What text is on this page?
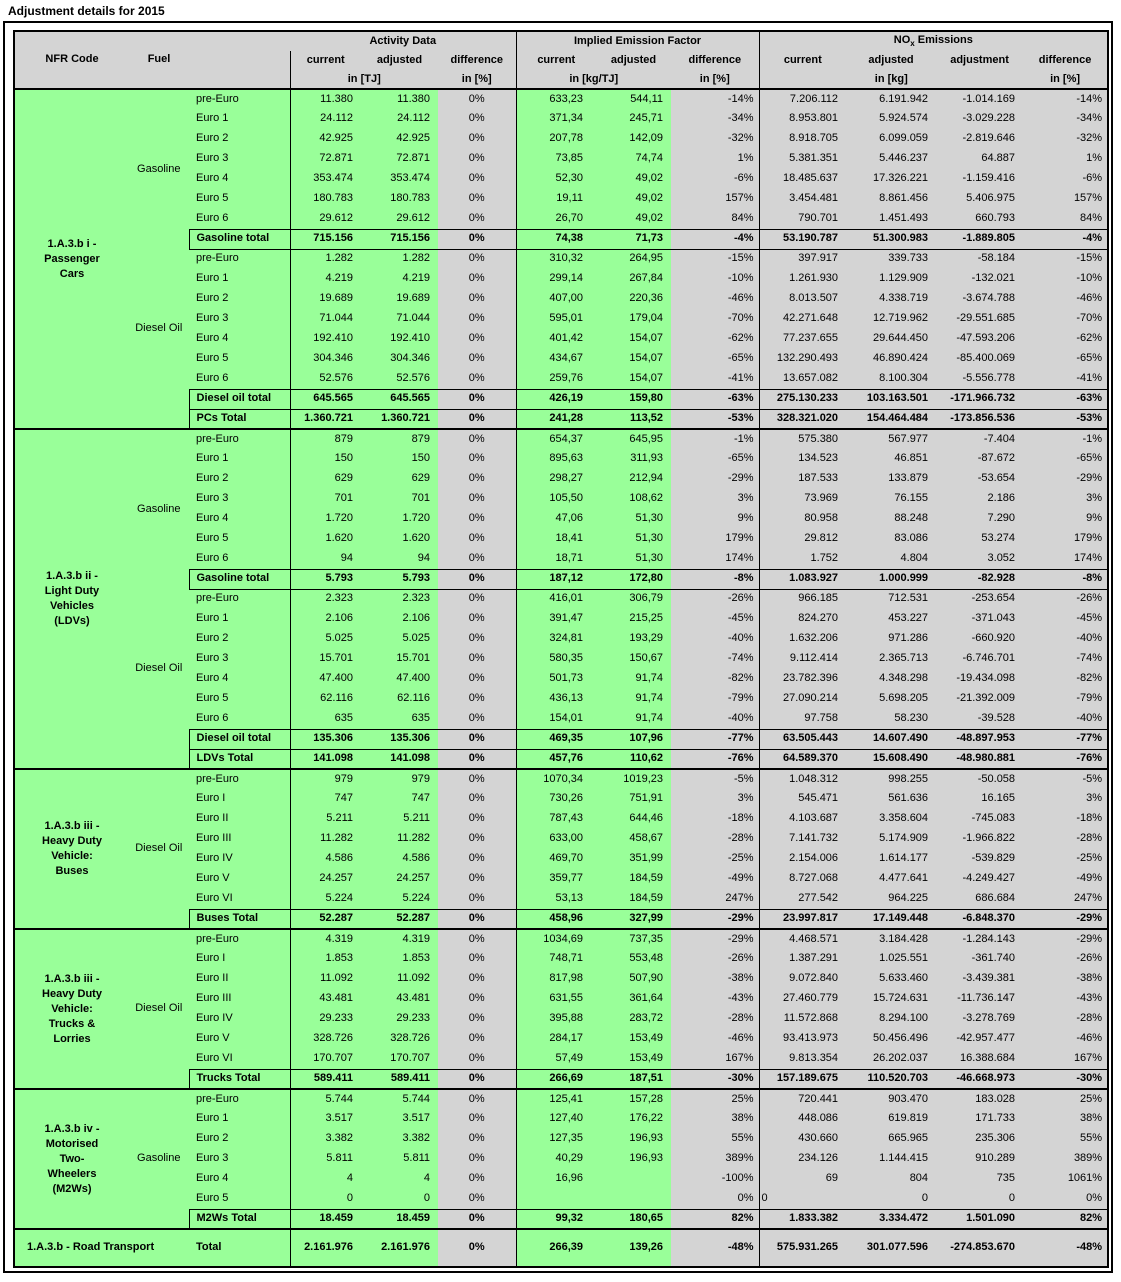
Adjustment details for 2015
NFR Code	Fuel		Activity Data			Implied Emission Factor			$NO_x$ Emissions			
			current	adjusted	difference	current	adjusted	difference	current	adjusted	adjustment	difference
			in [TJ]		in [%]	in [kg/TJ]		in [%]	in [kg]			in [%]

1.A.3.b i -
Passenger
Cars	Gasoline	pre-Euro	11.380	11.380	0%	633,23	544,11	-14%	7.206.112	6.191.942	-1.014.169	-14%
		Euro 1	24.112	24.112	0%	371,34	245,71	-34%	8.953.801	5.924.574	-3.029.228	-34%
		Euro 2	42.925	42.925	0%	207,78	142,09	-32%	8.918.705	6.099.059	-2.819.646	-32%
		Euro 3	72.871	72.871	0%	73,85	74,74	1%	5.381.351	5.446.237	64.887	1%
		Euro 4	353.474	353.474	0%	52,30	49,02	-6%	18.485.637	17.326.221	-1.159.416	-6%
		Euro 5	180.783	180.783	0%	19,11	49,02	157%	3.454.481	8.861.456	5.406.975	157%
		Euro 6	29.612	29.612	0%	26,70	49,02	84%	790.701	1.451.493	660.793	84%
		Gasoline total	715.156	715.156	0%	74,38	71,73	-4%	53.190.787	51.300.983	-1.889.805	-4%
	Diesel Oil	pre-Euro	1.282	1.282	0%	310,32	264,95	-15%	397.917	339.733	-58.184	-15%
		Euro 1	4.219	4.219	0%	299,14	267,84	-10%	1.261.930	1.129.909	-132.021	-10%
		Euro 2	19.689	19.689	0%	407,00	220,36	-46%	8.013.507	4.338.719	-3.674.788	-46%
		Euro 3	71.044	71.044	0%	595,01	179,04	-70%	42.271.648	12.719.962	-29.551.685	-70%
		Euro 4	192.410	192.410	0%	401,42	154,07	-62%	77.237.655	29.644.450	-47.593.206	-62%
		Euro 5	304.346	304.346	0%	434,67	154,07	-65%	132.290.493	46.890.424	-85.400.069	-65%
		Euro 6	52.576	52.576	0%	259,76	154,07	-41%	13.657.082	8.100.304	-5.556.778	-41%
		Diesel oil total	645.565	645.565	0%	426,19	159,80	-63%	275.130.233	103.163.501	-171.966.732	-63%
		PCs Total	1.360.721	1.360.721	0%	241,28	113,52	-53%	328.321.020	154.464.484	-173.856.536	-53%

1.A.3.b ii -
Light Duty
Vehicles
(LDVs)	Gasoline	pre-Euro	879	879	0%	654,37	645,95	-1%	575.380	567.977	-7.404	-1%
		Euro 1	150	150	0%	895,63	311,93	-65%	134.523	46.851	-87.672	-65%
		Euro 2	629	629	0%	298,27	212,94	-29%	187.533	133.879	-53.654	-29%
		Euro 3	701	701	0%	105,50	108,62	3%	73.969	76.155	2.186	3%
		Euro 4	1.720	1.720	0%	47,06	51,30	9%	80.958	88.248	7.290	9%
		Euro 5	1.620	1.620	0%	18,41	51,30	179%	29.812	83.086	53.274	179%
		Euro 6	94	94	0%	18,71	51,30	174%	1.752	4.804	3.052	174%
		Gasoline total	5.793	5.793	0%	187,12	172,80	-8%	1.083.927	1.000.999	-82.928	-8%
	Diesel Oil	pre-Euro	2.323	2.323	0%	416,01	306,79	-26%	966.185	712.531	-253.654	-26%
		Euro 1	2.106	2.106	0%	391,47	215,25	-45%	824.270	453.227	-371.043	-45%
		Euro 2	5.025	5.025	0%	324,81	193,29	-40%	1.632.206	971.286	-660.920	-40%
		Euro 3	15.701	15.701	0%	580,35	150,67	-74%	9.112.414	2.365.713	-6.746.701	-74%
		Euro 4	47.400	47.400	0%	501,73	91,74	-82%	23.782.396	4.348.298	-19.434.098	-82%
		Euro 5	62.116	62.116	0%	436,13	91,74	-79%	27.090.214	5.698.205	-21.392.009	-79%
		Euro 6	635	635	0%	154,01	91,74	-40%	97.758	58.230	-39.528	-40%
		Diesel oil total	135.306	135.306	0%	469,35	107,96	-77%	63.505.443	14.607.490	-48.897.953	-77%
		LDVs Total	141.098	141.098	0%	457,76	110,62	-76%	64.589.370	15.608.490	-48.980.881	-76%

1.A.3.b iii -
Heavy Duty
Vehicle:
Buses	Diesel Oil	pre-Euro	979	979	0%	1070,34	1019,23	-5%	1.048.312	998.255	-50.058	-5%
		Euro I	747	747	0%	730,26	751,91	3%	545.471	561.636	16.165	3%
		Euro II	5.211	5.211	0%	787,43	644,46	-18%	4.103.687	3.358.604	-745.083	-18%
		Euro III	11.282	11.282	0%	633,00	458,67	-28%	7.141.732	5.174.909	-1.966.822	-28%
		Euro IV	4.586	4.586	0%	469,70	351,99	-25%	2.154.006	1.614.177	-539.829	-25%
		Euro V	24.257	24.257	0%	359,77	184,59	-49%	8.727.068	4.477.641	-4.249.427	-49%
		Euro VI	5.224	5.224	0%	53,13	184,59	247%	277.542	964.225	686.684	247%
		Buses Total	52.287	52.287	0%	458,96	327,99	-29%	23.997.817	17.149.448	-6.848.370	-29%

1.A.3.b iii -
Heavy Duty
Vehicle:
Trucks &
Lorries	Diesel Oil	pre-Euro	4.319	4.319	0%	1034,69	737,35	-29%	4.468.571	3.184.428	-1.284.143	-29%
		Euro I	1.853	1.853	0%	748,71	553,48	-26%	1.387.291	1.025.551	-361.740	-26%
		Euro II	11.092	11.092	0%	817,98	507,90	-38%	9.072.840	5.633.460	-3.439.381	-38%
		Euro III	43.481	43.481	0%	631,55	361,64	-43%	27.460.779	15.724.631	-11.736.147	-43%
		Euro IV	29.233	29.233	0%	395,88	283,72	-28%	11.572.868	8.294.100	-3.278.769	-28%
		Euro V	328.726	328.726	0%	284,17	153,49	-46%	93.413.973	50.456.496	-42.957.477	-46%
		Euro VI	170.707	170.707	0%	57,49	153,49	167%	9.813.354	26.202.037	16.388.684	167%
		Trucks Total	589.411	589.411	0%	266,69	187,51	-30%	157.189.675	110.520.703	-46.668.973	-30%

1.A.3.b iv -
Motorised
Two-
Wheelers
(M2Ws)	Gasoline	pre-Euro	5.744	5.744	0%	125,41	157,28	25%	720.441	903.470	183.028	25%
		Euro 1	3.517	3.517	0%	127,40	176,22	38%	448.086	619.819	171.733	38%
		Euro 2	3.382	3.382	0%	127,35	196,93	55%	430.660	665.965	235.306	55%
		Euro 3	5.811	5.811	0%	40,29	196,93	389%	234.126	1.144.415	910.289	389%
		Euro 4	4	4	0%	16,96		-100%	69	804	735	1061%
		Euro 5	0	0	0%			0%	0	0	0	0%
		M2Ws Total	18.459	18.459	0%	99,32	180,65	82%	1.833.382	3.334.472	1.501.090	82%
1.A.3.b - Road Transport		Total	2.161.976	2.161.976	0%	266,39	139,26	-48%	575.931.265	301.077.596	-274.853.670	-48%
